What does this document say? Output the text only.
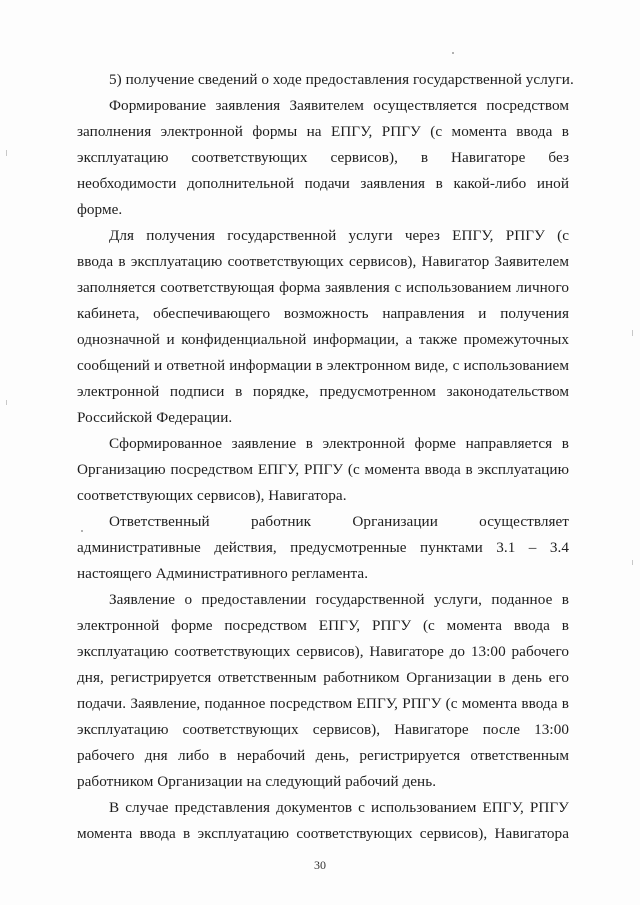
5) получение сведений о ходе предоставления государственной услуги.
Формирование заявления Заявителем осуществляется посредством
заполнения электронной формы на ЕПГУ, РПГУ (с момента ввода в
эксплуатацию соответствующих сервисов), в Навигаторе без
необходимости дополнительной подачи заявления в какой-либо иной
форме.
Для получения государственной услуги через ЕПГУ, РПГУ (с
ввода в эксплуатацию соответствующих сервисов), Навигатор Заявителем
заполняется соответствующая форма заявления с использованием личного
кабинета, обеспечивающего возможность направления и получения
однозначной и конфиденциальной информации, а также промежуточных
сообщений и ответной информации в электронном виде, с использованием
электронной подписи в порядке, предусмотренном законодательством
Российской Федерации.
Сформированное заявление в электронной форме направляется в
Организацию посредством ЕПГУ, РПГУ (с момента ввода в эксплуатацию
соответствующих сервисов), Навигатора.
Ответственный работник Организации осуществляет
административные действия, предусмотренные пунктами 3.1 – 3.4
настоящего Административного регламента.
Заявление о предоставлении государственной услуги, поданное в
электронной форме посредством ЕПГУ, РПГУ (с момента ввода в
эксплуатацию соответствующих сервисов), Навигаторе до 13:00 рабочего
дня, регистрируется ответственным работником Организации в день его
подачи. Заявление, поданное посредством ЕПГУ, РПГУ (с момента ввода в
эксплуатацию соответствующих сервисов), Навигаторе после 13:00
рабочего дня либо в нерабочий день, регистрируется ответственным
работником Организации на следующий рабочий день.
В случае представления документов с использованием ЕПГУ, РПГУ
момента ввода в эксплуатацию соответствующих сервисов), Навигатора
30
